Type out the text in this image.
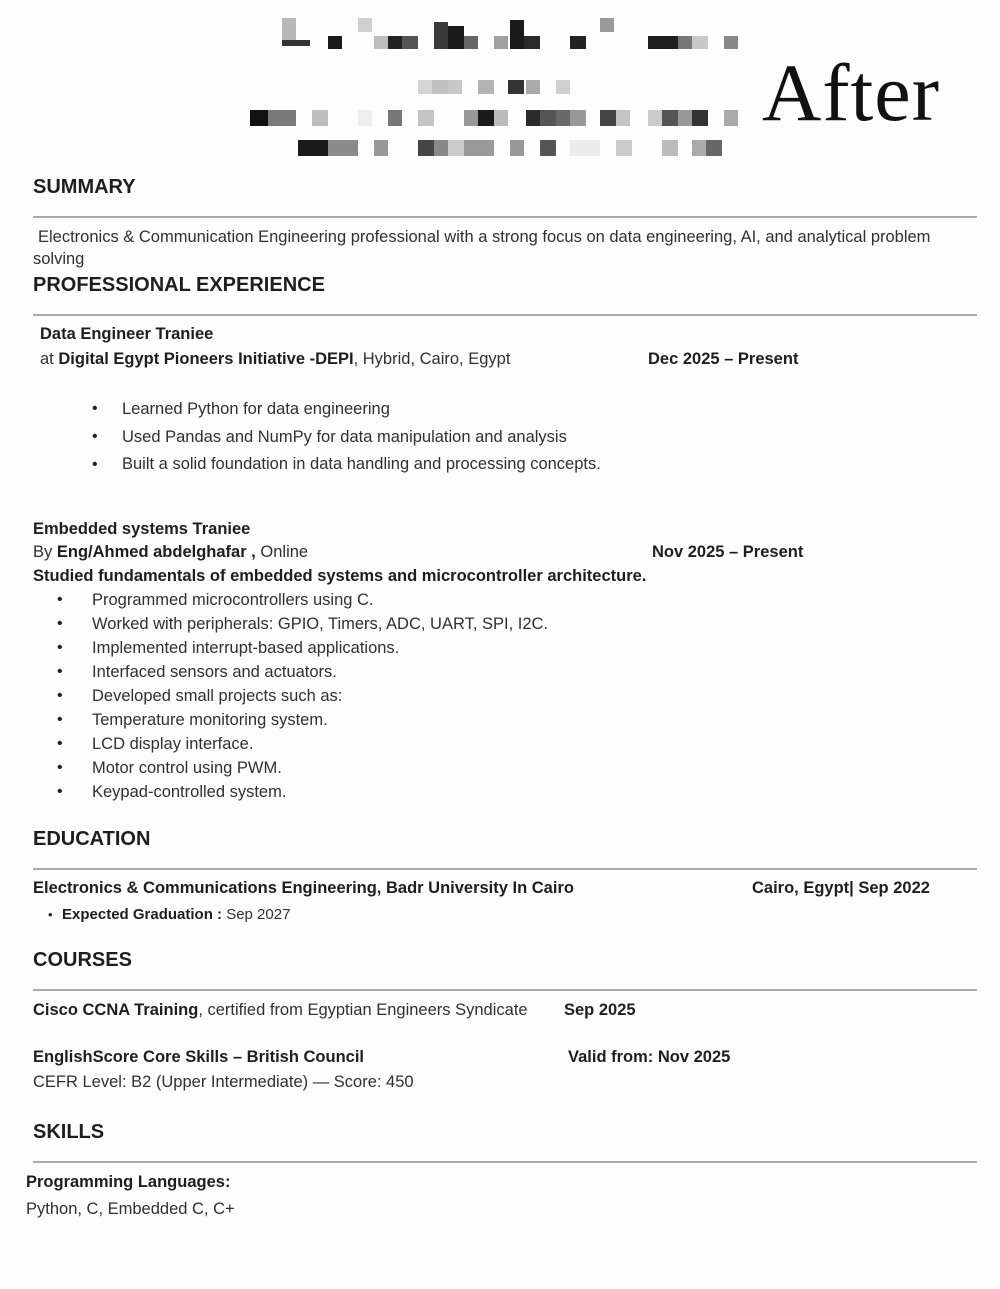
After
SUMMARY
Electronics & Communication Engineering professional with a strong focus on data engineering, AI, and analytical problem
solving
PROFESSIONAL EXPERIENCE
Data Engineer Traniee
at Digital Egypt Pioneers Initiative -DEPI, Hybrid, Cairo, Egypt	Dec 2025 – Present
• Learned Python for data engineering
• Used Pandas and NumPy for data manipulation and analysis
• Built a solid foundation in data handling and processing concepts.
Embedded systems Traniee
By Eng/Ahmed abdelghafar , Online	Nov 2025 – Present
Studied fundamentals of embedded systems and microcontroller architecture.
• Programmed microcontrollers using C.
• Worked with peripherals: GPIO, Timers, ADC, UART, SPI, I2C.
• Implemented interrupt-based applications.
• Interfaced sensors and actuators.
• Developed small projects such as:
• Temperature monitoring system.
• LCD display interface.
• Motor control using PWM.
• Keypad-controlled system.
EDUCATION
Electronics & Communications Engineering, Badr University In Cairo	Cairo, Egypt| Sep 2022
• Expected Graduation : Sep 2027
COURSES
Cisco CCNA Training, certified from Egyptian Engineers Syndicate Sep 2025
EnglishScore Core Skills – British Council	Valid from: Nov 2025
CEFR Level: B2 (Upper Intermediate) — Score: 450
SKILLS
Programming Languages:
Python, C, Embedded C, C+
